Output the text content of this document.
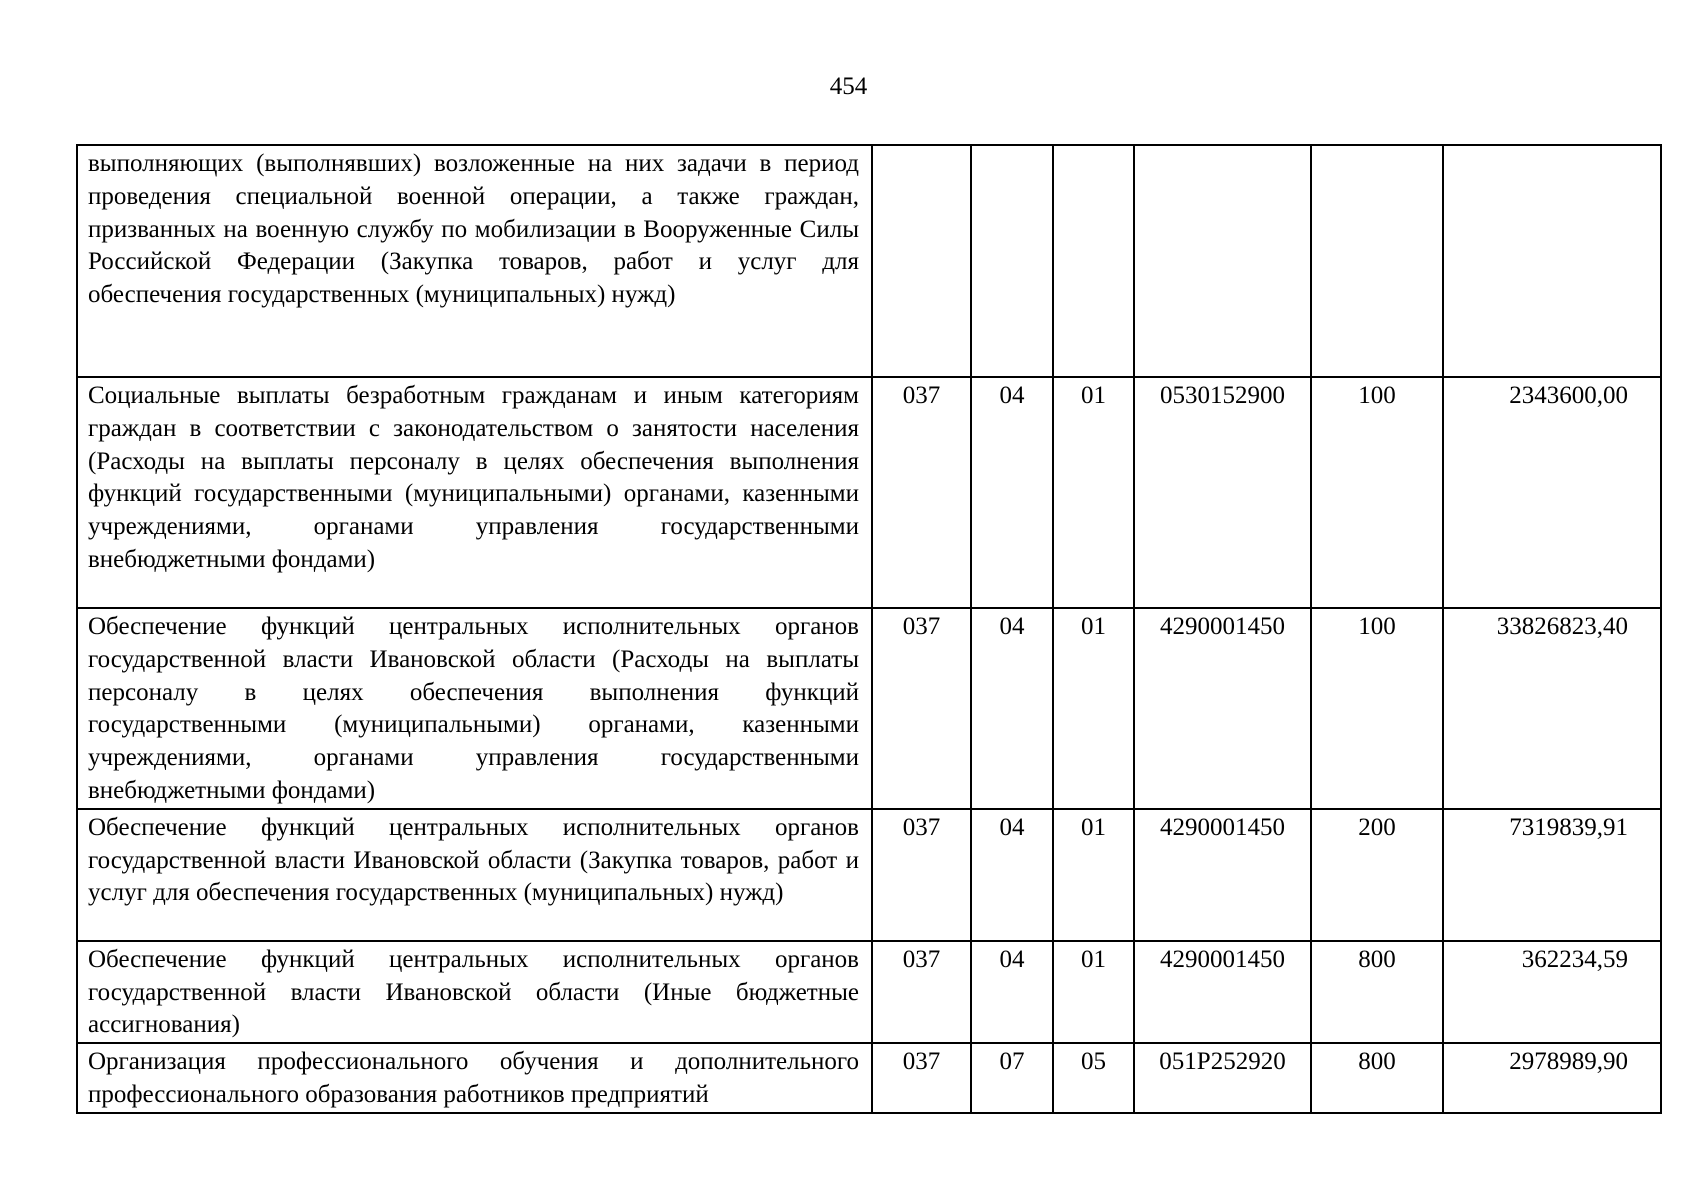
454
выполняющих (выполнявших) возложенные на них задачи в период проведения специальной военной операции, а также граждан, призванных на военную службу по мобилизации в Вооруженные Силы Российской Федерации (Закупка товаров, работ и услуг для обеспечения государственных (муниципальных) нужд)						
Социальные выплаты безработным гражданам и иным категориям граждан в соответствии с законодательством о занятости населения (Расходы на выплаты персоналу в целях обеспечения выполнения функций государственными (муниципальными) органами, казенными учреждениями, органами управления государственными внебюджетными фондами)	037	04	01	0530152900	100	2343600,00
Обеспечение функций центральных исполнительных органов государственной власти Ивановской области (Расходы на выплаты персоналу в целях обеспечения выполнения функций государственными (муниципальными) органами, казенными учреждениями, органами управления государственными внебюджетными фондами)	037	04	01	4290001450	100	33826823,40
Обеспечение функций центральных исполнительных органов государственной власти Ивановской области (Закупка товаров, работ и услуг для обеспечения государственных (муниципальных) нужд)	037	04	01	4290001450	200	7319839,91
Обеспечение функций центральных исполнительных органов государственной власти Ивановской области (Иные бюджетные ассигнования)	037	04	01	4290001450	800	362234,59
Организация профессионального обучения и дополнительного профессионального образования работников предприятий	037	07	05	051Р252920	800	2978989,90
